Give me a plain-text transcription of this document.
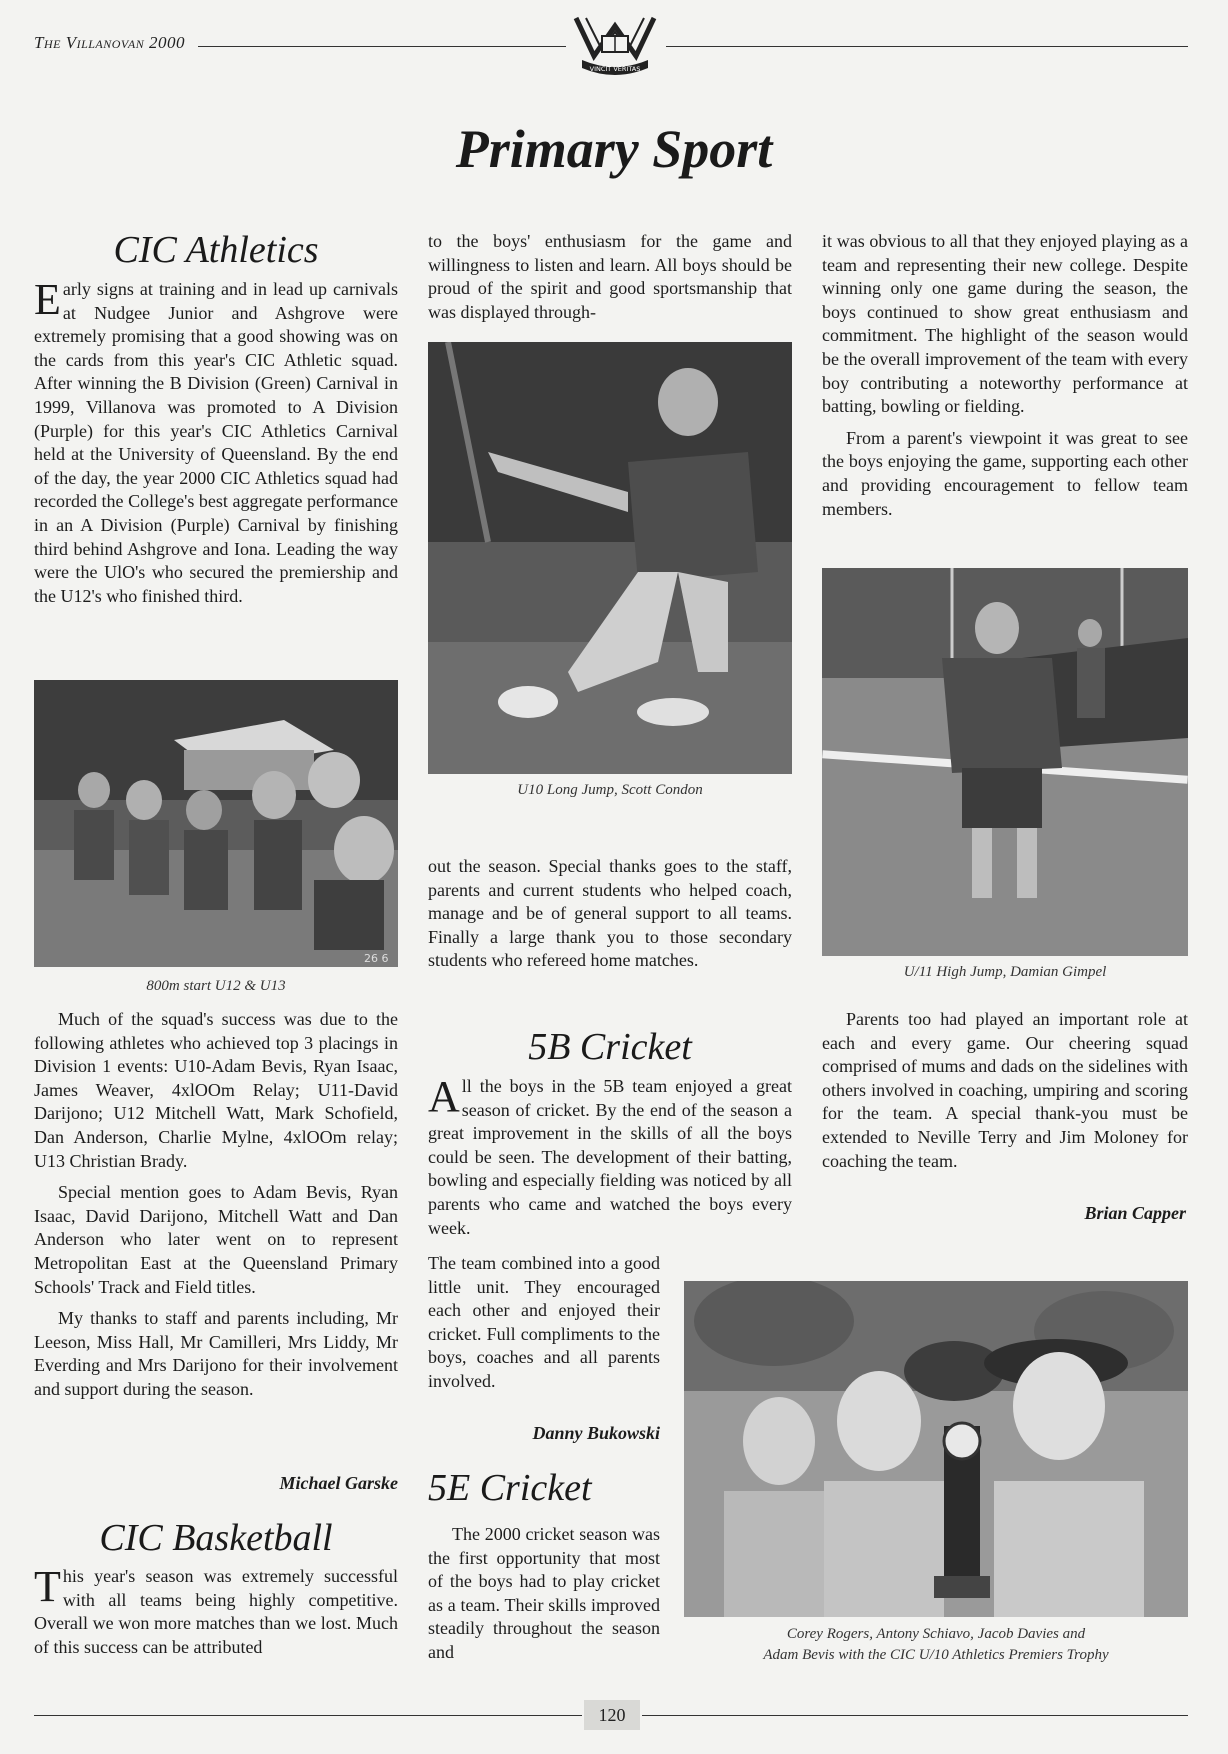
The Villanovan 2000
VINCIT VERITAS
Primary Sport
CIC Athletics

Early signs at training and in lead up carnivals at Nudgee Junior and Ashgrove were extremely promising that a good showing was on the cards from this year's CIC Athletic squad. After winning the B Division (Green) Carnival in 1999, Villanova was promoted to A Division (Purple) for this year's CIC Athletics Carnival held at the University of Queensland. By the end of the day, the year 2000 CIC Athletics squad had recorded the College's best aggregate performance in an A Division (Purple) Carnival by finishing third behind Ashgrove and Iona. Leading the way were the UlO's who secured the premiership and the U12's who finished third.

26 6
800m start U12 & U13

Much of the squad's success was due to the following athletes who achieved top 3 placings in Division 1 events: U10-Adam Bevis, Ryan Isaac, James Weaver, 4xlOOm Relay; U11-David Darijono; U12 Mitchell Watt, Mark Schofield, Dan Anderson, Charlie Mylne, 4xlOOm relay; U13 Christian Brady.

Special mention goes to Adam Bevis, Ryan Isaac, David Darijono, Mitchell Watt and Dan Anderson who later went on to represent Metropolitan East at the Queensland Primary Schools' Track and Field titles.

My thanks to staff and parents including, Mr Leeson, Miss Hall, Mr Camilleri, Mrs Liddy, Mr Everding and Mrs Darijono for their involvement and support during the season.

Michael Garske
CIC Basketball

This year's season was extremely successful with all teams being highly competitive. Overall we won more matches than we lost. Much of this success can be attributed

to the boys' enthusiasm for the game and willingness to listen and learn. All boys should be proud of the spirit and good sportsmanship that was displayed through-

U10 Long Jump, Scott Condon

out the season. Special thanks goes to the staff, parents and current students who helped coach, manage and be of general support to all teams. Finally a large thank you to those secondary students who refereed home matches.

5B Cricket

All the boys in the 5B team enjoyed a great season of cricket. By the end of the season a great improvement in the skills of all the boys could be seen. The development of their batting, bowling and especially fielding was noticed by all parents who came and watched the boys every week.

The team combined into a good little unit. They encouraged each other and enjoyed their cricket. Full compliments to the boys, coaches and all parents involved.

Danny Bukowski
5E Cricket

The 2000 cricket season was the first opportunity that most of the boys had to play cricket as a team. Their skills improved steadily throughout the season and

it was obvious to all that they enjoyed playing as a team and representing their new college. Despite winning only one game during the season, the boys continued to show great enthusiasm and commitment. The highlight of the season would be the overall improvement of the team with every boy contributing a noteworthy performance at batting, bowling or fielding.

From a parent's viewpoint it was great to see the boys enjoying the game, supporting each other and providing encouragement to fellow team members.

U/11 High Jump, Damian Gimpel

Parents too had played an important role at each and every game. Our cheering squad comprised of mums and dads on the sidelines with others involved in coaching, umpiring and scoring for the team. A special thank-you must be extended to Neville Terry and Jim Moloney for coaching the team.

Brian Capper
Corey Rogers, Antony Schiavo, Jacob Davies and
Adam Bevis with the CIC U/10 Athletics Premiers Trophy
120
